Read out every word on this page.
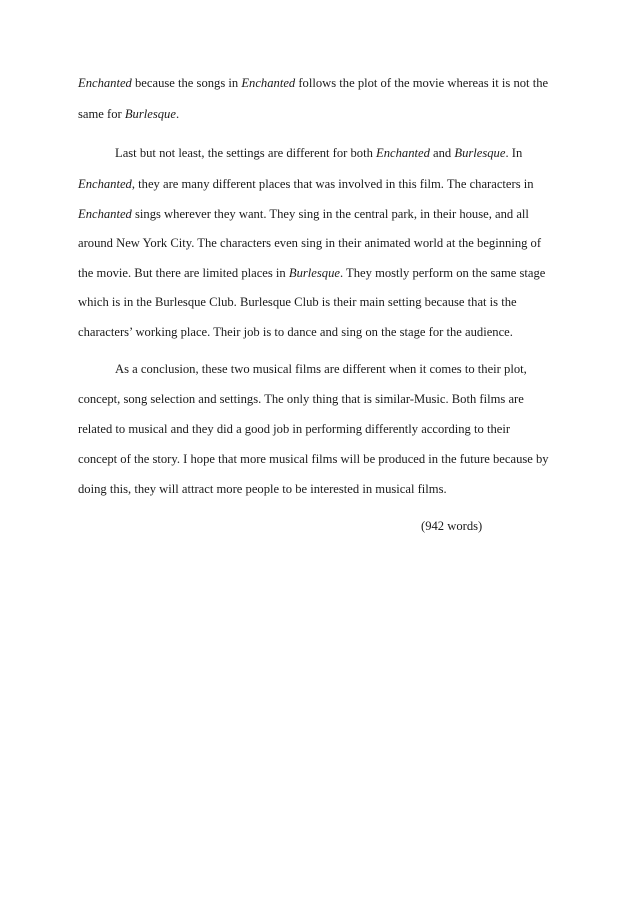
Enchanted because the songs in Enchanted follows the plot of the movie whereas it is not the

same for Burlesque.

Last but not least, the settings are different for both Enchanted and Burlesque. In

Enchanted, they are many different places that was involved in this film. The characters in

Enchanted sings wherever they want. They sing in the central park, in their house, and all

around New York City. The characters even sing in their animated world at the beginning of

the movie. But there are limited places in Burlesque. They mostly perform on the same stage

which is in the Burlesque Club. Burlesque Club is their main setting because that is the

characters’ working place. Their job is to dance and sing on the stage for the audience.

As a conclusion, these two musical films are different when it comes to their plot,

concept, song selection and settings. The only thing that is similar-Music. Both films are

related to musical and they did a good job in performing differently according to their

concept of the story. I hope that more musical films will be produced in the future because by

doing this, they will attract more people to be interested in musical films.

(942 words)
